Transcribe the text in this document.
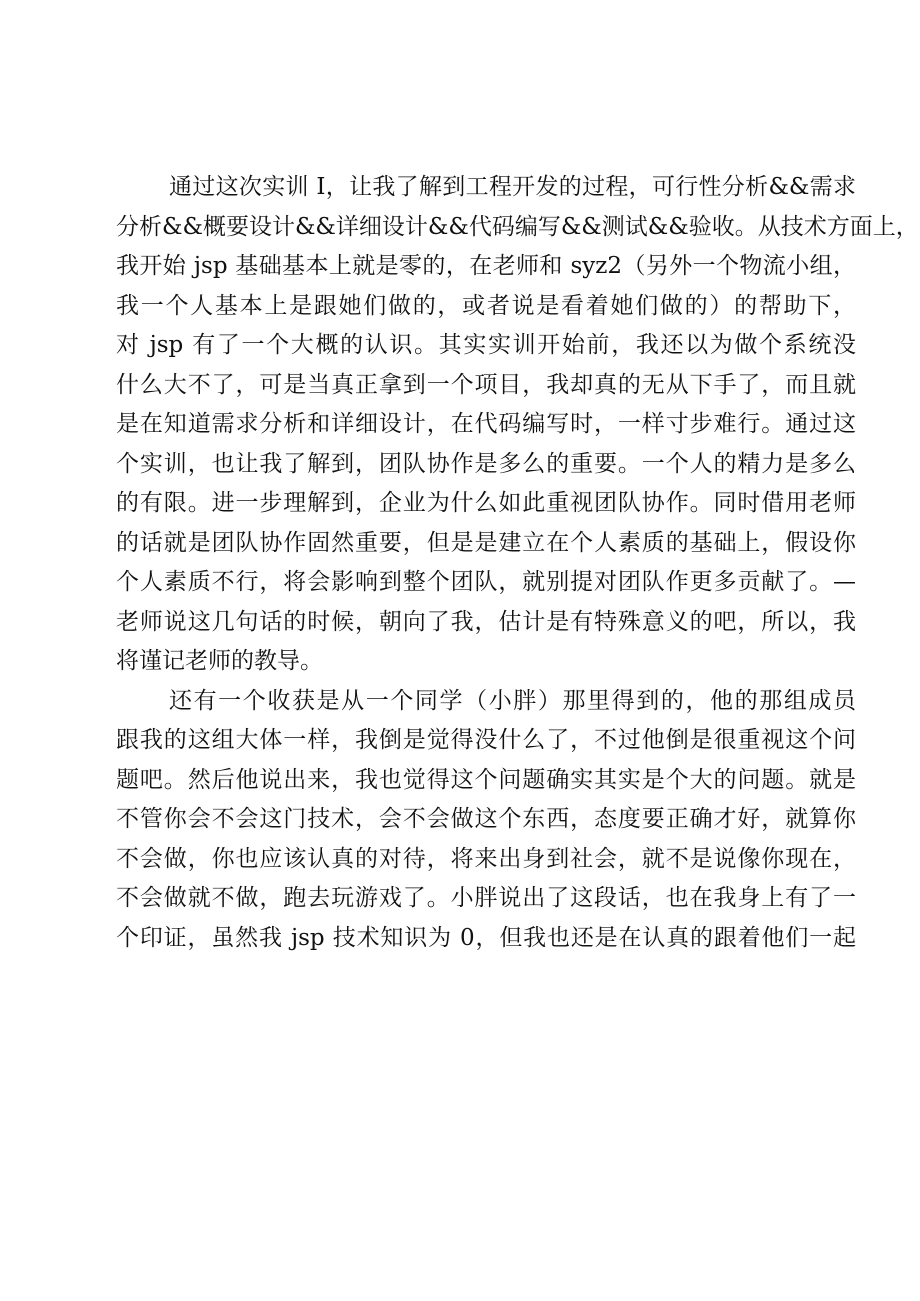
通过这次实训 I，让我了解到工程开发的过程，可行性分析&&需求
分析&&概要设计&&详细设计&&代码编写&&测试&&验收。从技术方面上，
我开始 jsp 基础基本上就是零的，在老师和 syz2（另外一个物流小组，
我一个人基本上是跟她们做的，或者说是看着她们做的）的帮助下，
对 jsp 有了一个大概的认识。其实实训开始前，我还以为做个系统没
什么大不了，可是当真正拿到一个项目，我却真的无从下手了，而且就
是在知道需求分析和详细设计，在代码编写时，一样寸步难行。通过这
个实训，也让我了解到，团队协作是多么的重要。一个人的精力是多么
的有限。进一步理解到，企业为什么如此重视团队协作。同时借用老师
的话就是团队协作固然重要，但是是建立在个人素质的基础上，假设你
个人素质不行，将会影响到整个团队，就别提对团队作更多贡献了。—
老师说这几句话的时候，朝向了我，估计是有特殊意义的吧，所以，我
将谨记老师的教导。
还有一个收获是从一个同学（小胖）那里得到的，他的那组成员
跟我的这组大体一样，我倒是觉得没什么了，不过他倒是很重视这个问
题吧。然后他说出来，我也觉得这个问题确实其实是个大的问题。就是
不管你会不会这门技术，会不会做这个东西，态度要正确才好，就算你
不会做，你也应该认真的对待，将来出身到社会，就不是说像你现在，
不会做就不做，跑去玩游戏了。小胖说出了这段话，也在我身上有了一
个印证，虽然我 jsp 技术知识为 0，但我也还是在认真的跟着他们一起
